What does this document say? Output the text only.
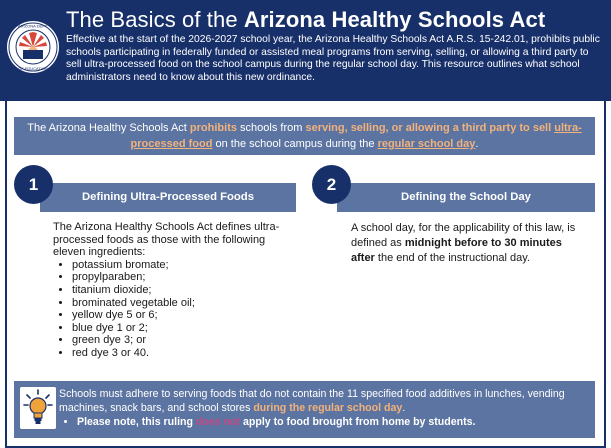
ARIZONA DEPT.
OF EDUCATION
The Basics of the Arizona Healthy Schools Act
Effective at the start of the 2026-2027 school year, the Arizona Healthy Schools Act A.R.S. 15-242.01, prohibits public schools participating in federally funded or assisted meal programs from serving, selling, or allowing a third party to sell ultra-processed food on the school campus during the regular school day. This resource outlines what school administrators need to know about this new ordinance.
The Arizona Healthy Schools Act prohibits schools from serving, selling, or allowing a third party to sell ultra-processed food on the school campus during the regular school day.
Defining Ultra-Processed Foods
1
The Arizona Healthy Schools Act defines ultra-processed foods as those with the following eleven ingredients:
• potassium bromate;
• propylparaben;
• titanium dioxide;
• brominated vegetable oil;
• yellow dye 5 or 6;
• blue dye 1 or 2;
• green dye 3; or
• red dye 3 or 40.
Defining the School Day
2
A school day, for the applicability of this law, is defined as midnight before to 30 minutes after the end of the instructional day.
Schools must adhere to serving foods that do not contain the 11 specified food additives in lunches, vending machines, snack bars, and school stores during the regular school day.
• Please note, this ruling does not apply to food brought from home by students.
